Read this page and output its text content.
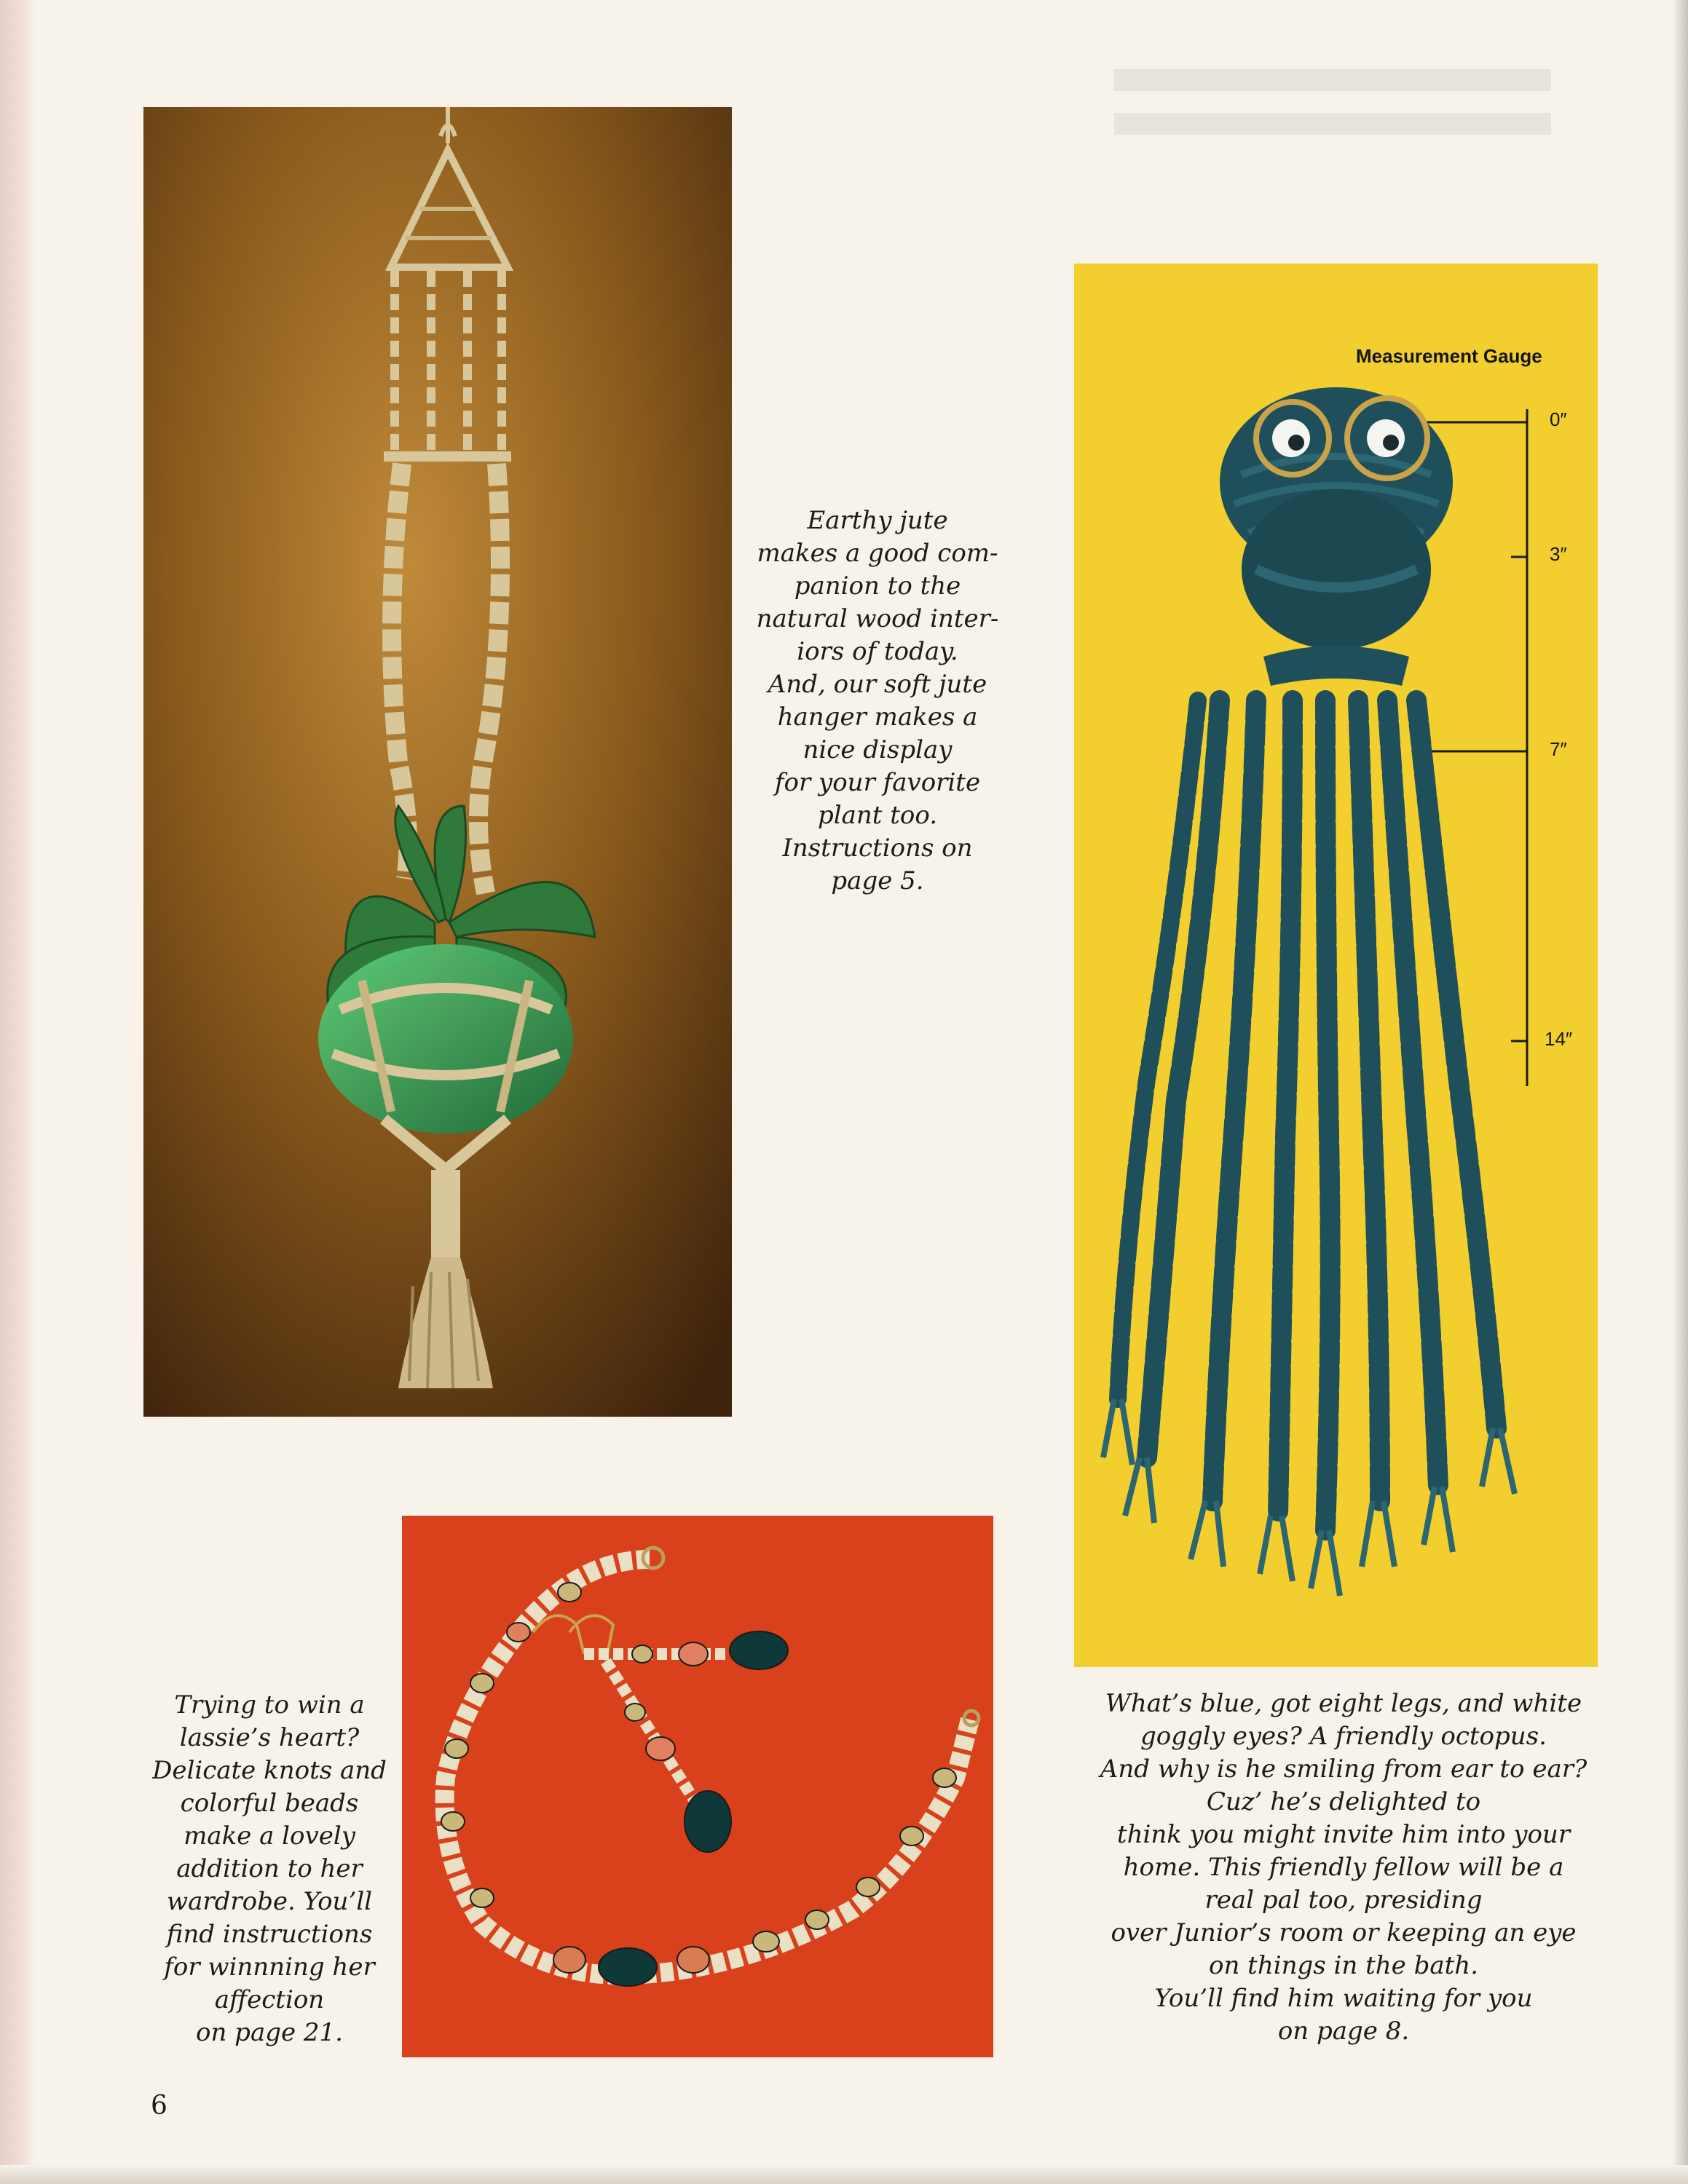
Earthy jute
makes a good com-
panion to the
natural wood inter-
iors of today.
And, our soft jute
hanger makes a
nice display
for your favorite
plant too.
Instructions on
page 5.
Measurement Gauge
0″
3″
7″
14″
Trying to win a
lassie’s heart?
Delicate knots and
colorful beads
make a lovely
addition to her
wardrobe. You’ll
find instructions
for winnning her
affection
on page 21.
What’s blue, got eight legs, and white
goggly eyes? A friendly octopus.
And why is he smiling from ear to ear?
Cuz’ he’s delighted to
think you might invite him into your
home. This friendly fellow will be a
real pal too, presiding
over Junior’s room or keeping an eye
on things in the bath.
You’ll find him waiting for you
on page 8.
6
